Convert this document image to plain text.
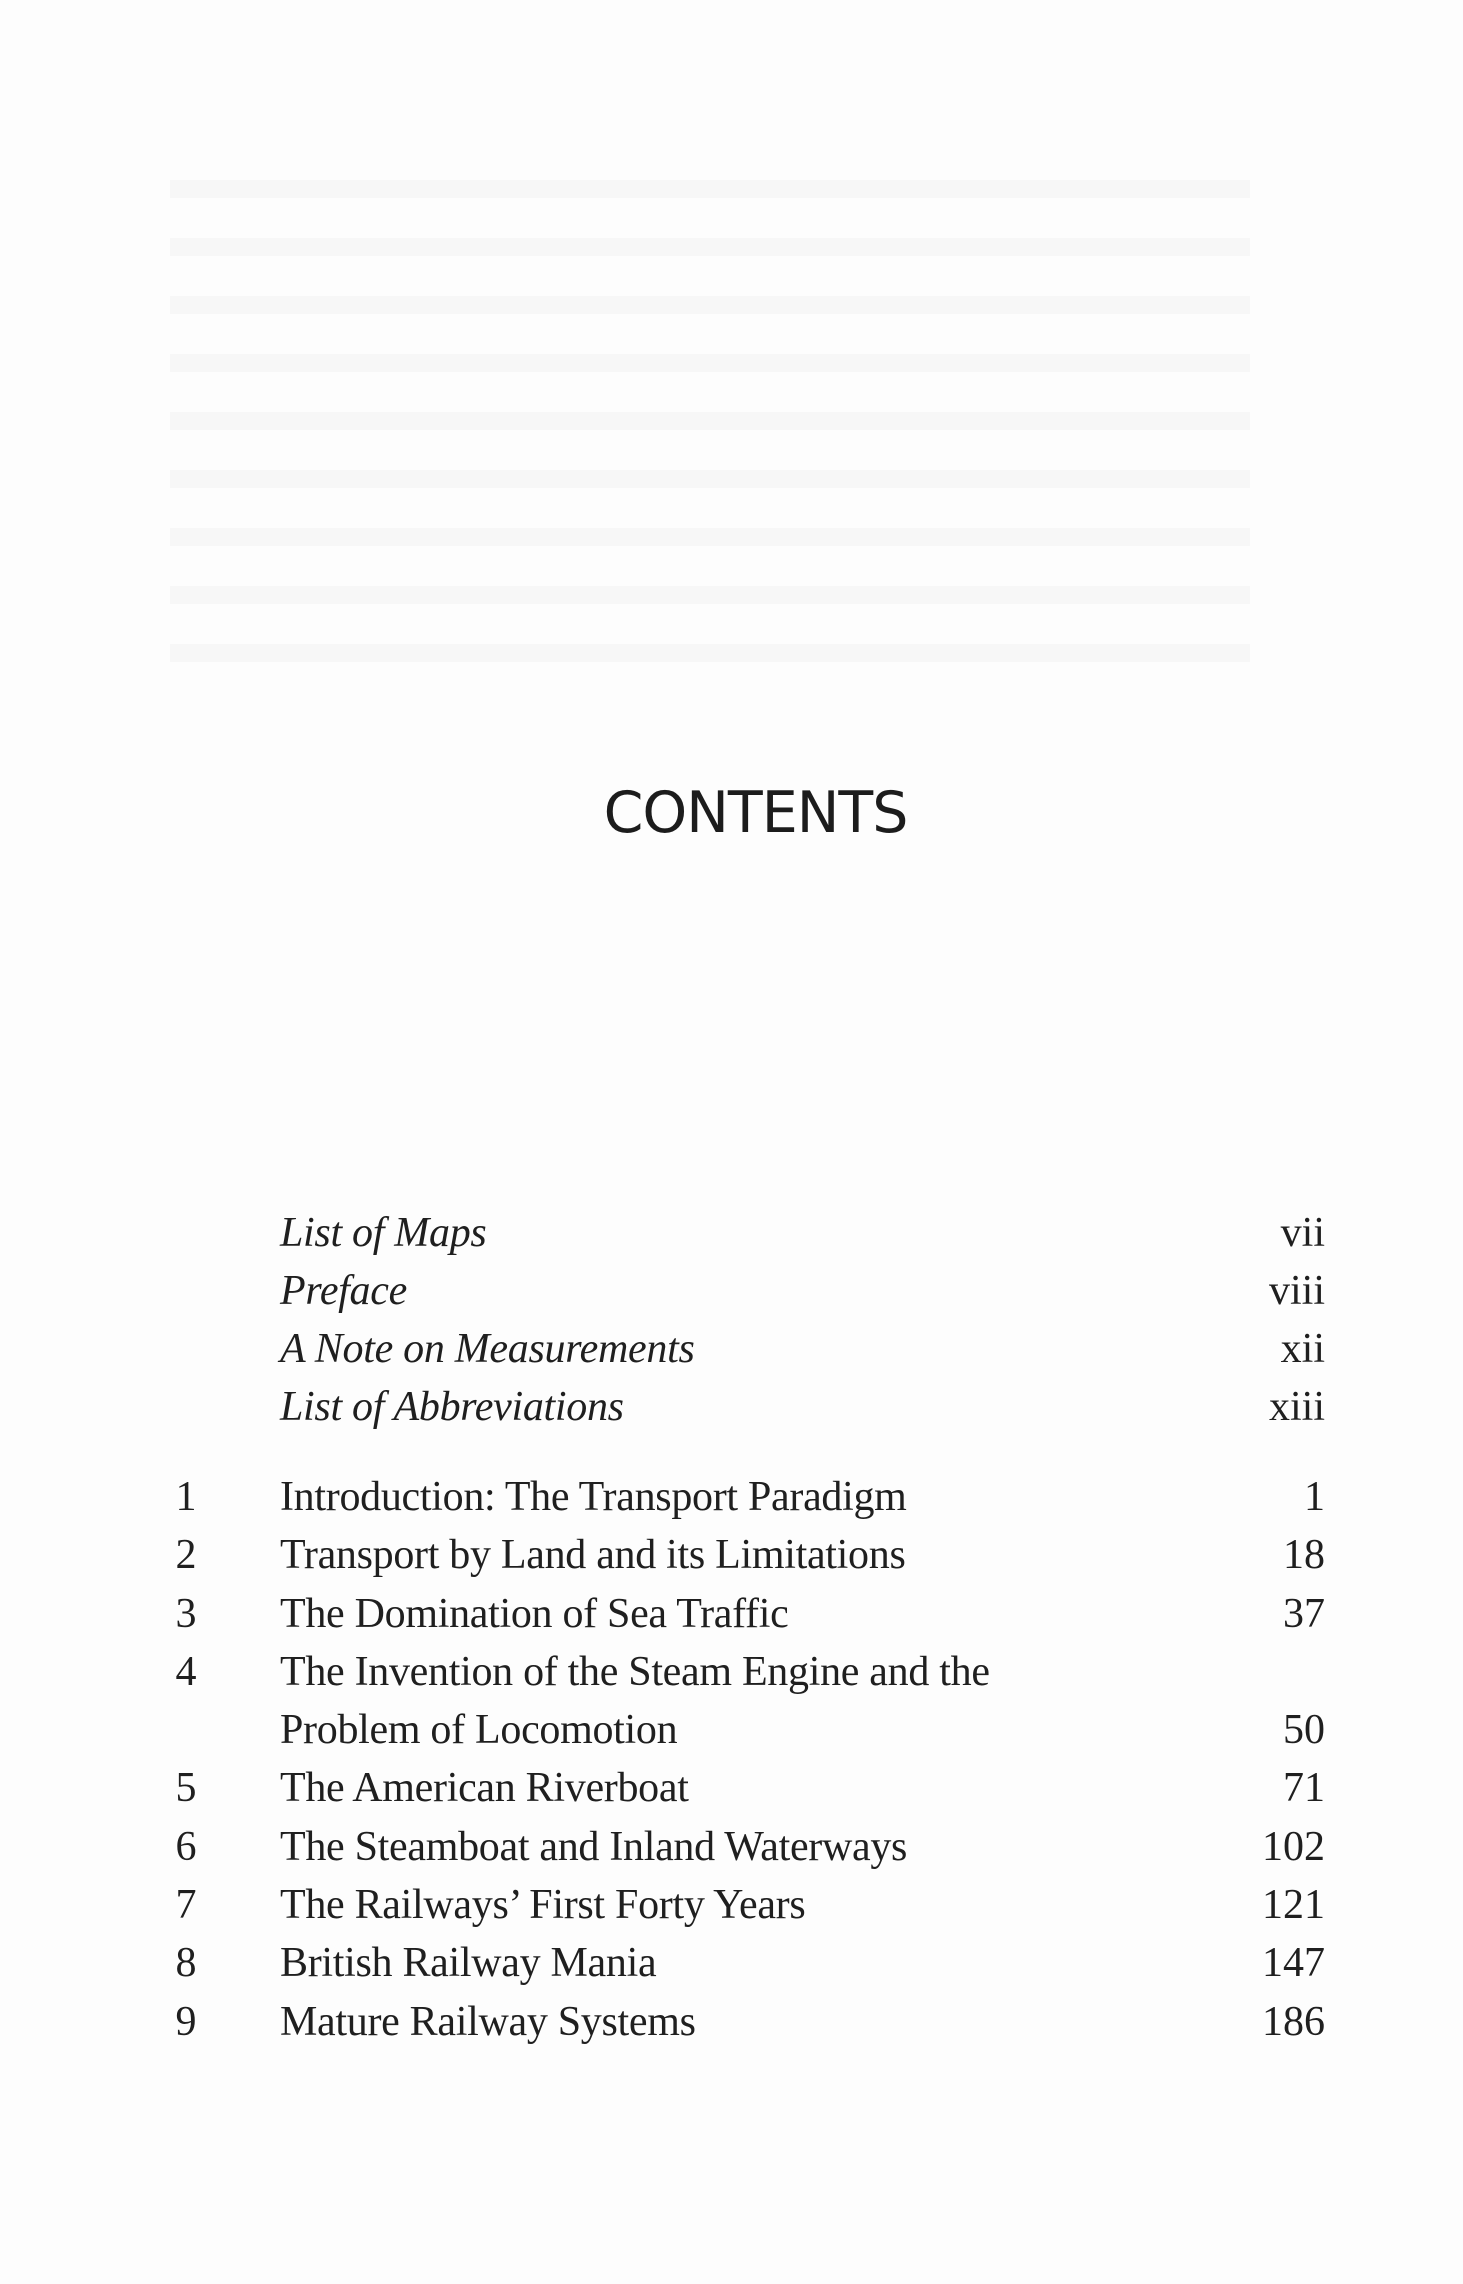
CONTENTS
List of Maps	vii
Preface	viii
A Note on Measurements	xii
List of Abbreviations	xiii
1	Introduction: The Transport Paradigm	1
2	Transport by Land and its Limitations	18
3	The Domination of Sea Traffic	37
4	The Invention of the Steam Engine and the
Problem of Locomotion	50
5	The American Riverboat	71
6	The Steamboat and Inland Waterways	102
7	The Railways’ First Forty Years	121
8	British Railway Mania	147
9	Mature Railway Systems	186
